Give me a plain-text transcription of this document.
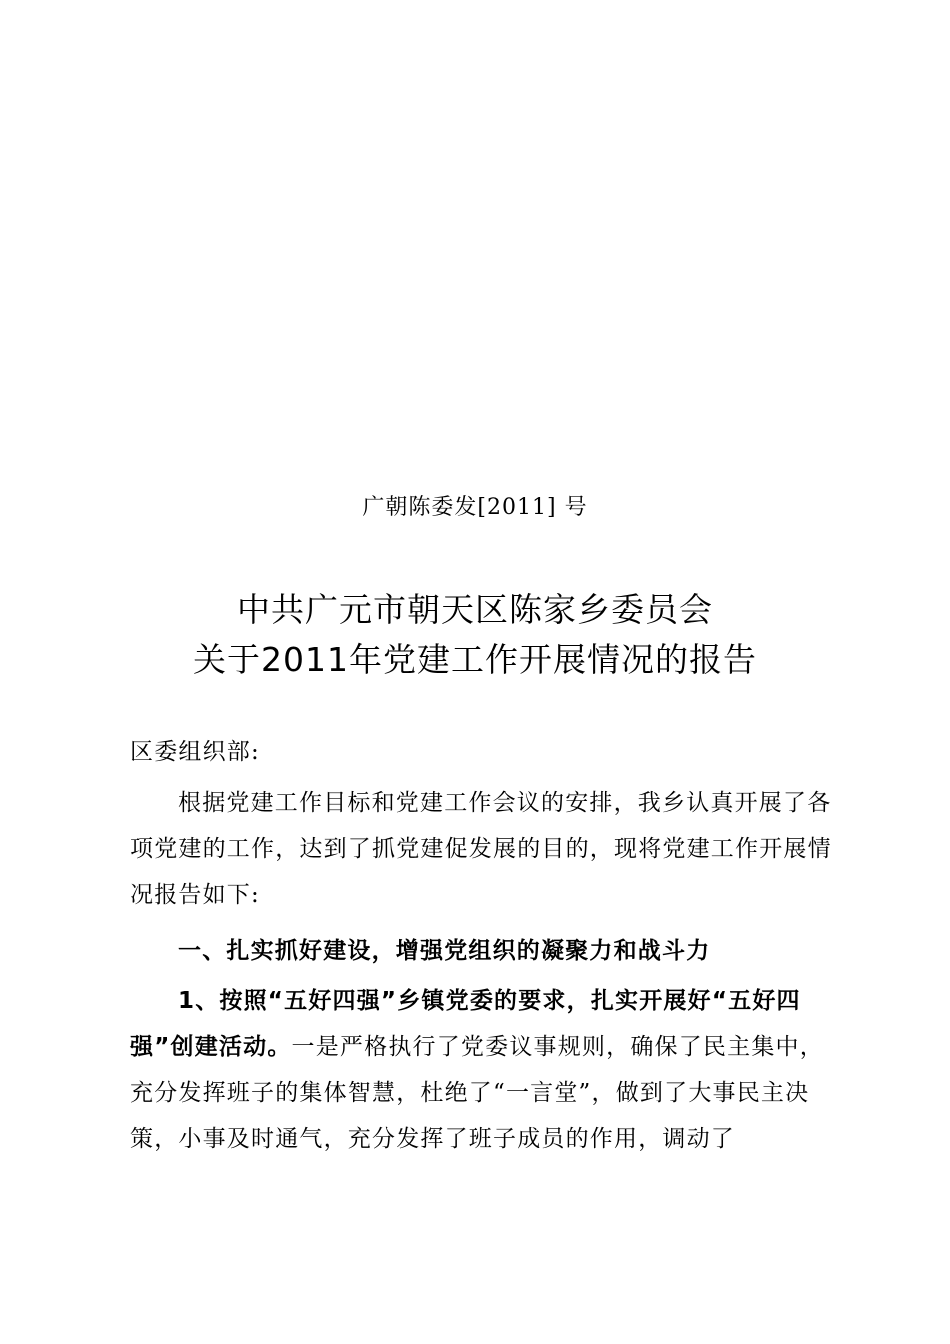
广朝陈委发[2011] 号
中共广元市朝天区陈家乡委员会
关于2011年党建工作开展情况的报告
区委组织部:
根据党建工作目标和党建工作会议的安排，我乡认真开展了各项党建的工作，达到了抓党建促发展的目的，现将党建工作开展情况报告如下:
一、扎实抓好建设，增强党组织的凝聚力和战斗力
1、按照“五好四强”乡镇党委的要求，扎实开展好“五好四强”创建活动。一是严格执行了党委议事规则，确保了民主集中，充分发挥班子的集体智慧，杜绝了“一言堂”，做到了大事民主决策，小事及时通气，充分发挥了班子成员的作用，调动了
